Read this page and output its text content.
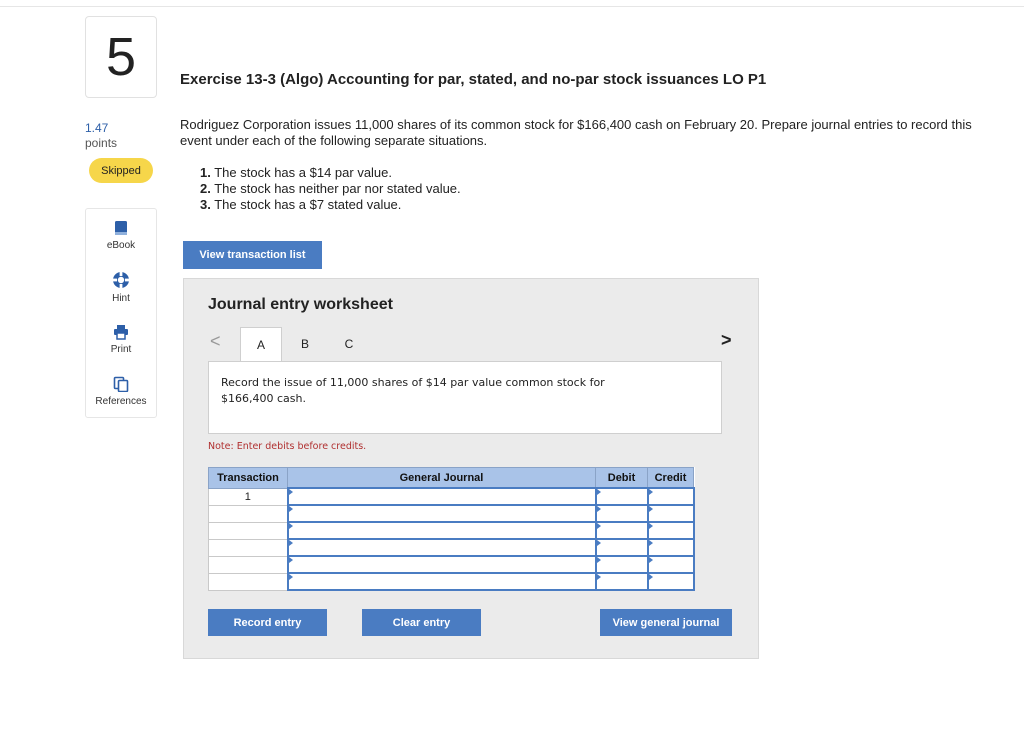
5
1.47
points
Skipped
eBook
Hint
Print
References
Exercise 13-3 (Algo) Accounting for par, stated, and no-par stock issuances LO P1
Rodriguez Corporation issues 11,000 shares of its common stock for $166,400 cash on February 20. Prepare journal entries to record this event under each of the following separate situations.
1. The stock has a $14 par value.
2. The stock has neither par nor stated value.
3. The stock has a $7 stated value.
View transaction list
Journal entry worksheet
<	A	B	C	>
Record the issue of 11,000 shares of $14 par value common stock for $166,400 cash.
Note: Enter debits before credits.
Transaction	General Journal	Debit	Credit
1			

Record entry	Clear entry	View general journal
